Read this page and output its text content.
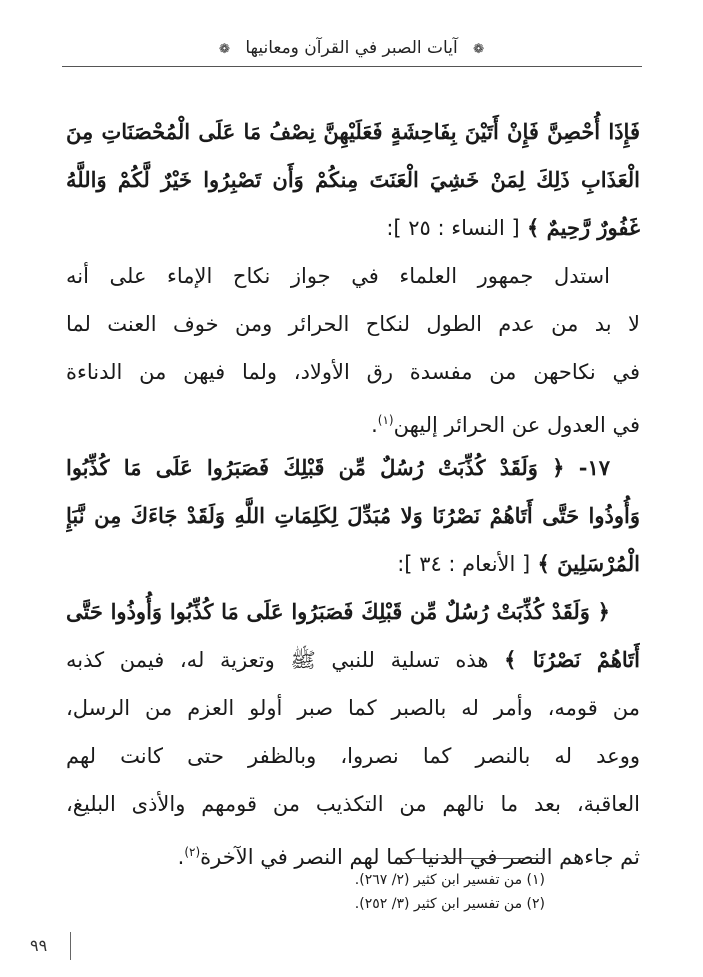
❁ آيات الصبر في القرآن ومعانيها ❁
فَإِذَا أُحْصِنَّ فَإِنْ أَتَيْنَ بِفَاحِشَةٍ فَعَلَيْهِنَّ نِصْفُ مَا عَلَى الْمُحْصَنَاتِ مِنَ
الْعَذَابِ ذَلِكَ لِمَنْ خَشِيَ الْعَنَتَ مِنكُمْ وَأَن تَصْبِرُوا خَيْرٌ لَّكُمْ وَاللَّهُ
غَفُورٌ رَّحِيمٌ ﴾ [ النساء : ٢٥ ]:
استدل جمهور العلماء في جواز نكاح الإماء على أنه
لا بد من عدم الطول لنكاح الحرائر ومن خوف العنت لما
في نكاحهن من مفسدة رق الأولاد، ولما فيهن من الدناءة
في العدول عن الحرائر إليهن$^{(١)}$.
١٧- ﴿ وَلَقَدْ كُذِّبَتْ رُسُلٌ مِّن قَبْلِكَ فَصَبَرُوا عَلَى مَا كُذِّبُوا
وَأُوذُوا حَتَّى أَتَاهُمْ نَصْرُنَا وَلا مُبَدِّلَ لِكَلِمَاتِ اللَّهِ وَلَقَدْ جَاءَكَ مِن نَّبَإِ
الْمُرْسَلِينَ ﴾ [ الأنعام : ٣٤ ]:
﴿ وَلَقَدْ كُذِّبَتْ رُسُلٌ مِّن قَبْلِكَ فَصَبَرُوا عَلَى مَا كُذِّبُوا وَأُوذُوا حَتَّى
أَتَاهُمْ نَصْرُنَا ﴾ هذه تسلية للنبي ﷺ وتعزية له، فيمن كذبه
من قومه، وأمر له بالصبر كما صبر أولو العزم من الرسل،
ووعد له بالنصر كما نصروا، وبالظفر حتى كانت لهم
العاقبة، بعد ما نالهم من التكذيب من قومهم والأذى البليغ،
ثم جاءهم النصر في الدنيا كما لهم النصر في الآخرة$^{(٢)}$.
(١) من تفسير ابن كثير (٢/ ٢٦٧).
(٢) من تفسير ابن كثير (٣/ ٢٥٢).
٩٩
